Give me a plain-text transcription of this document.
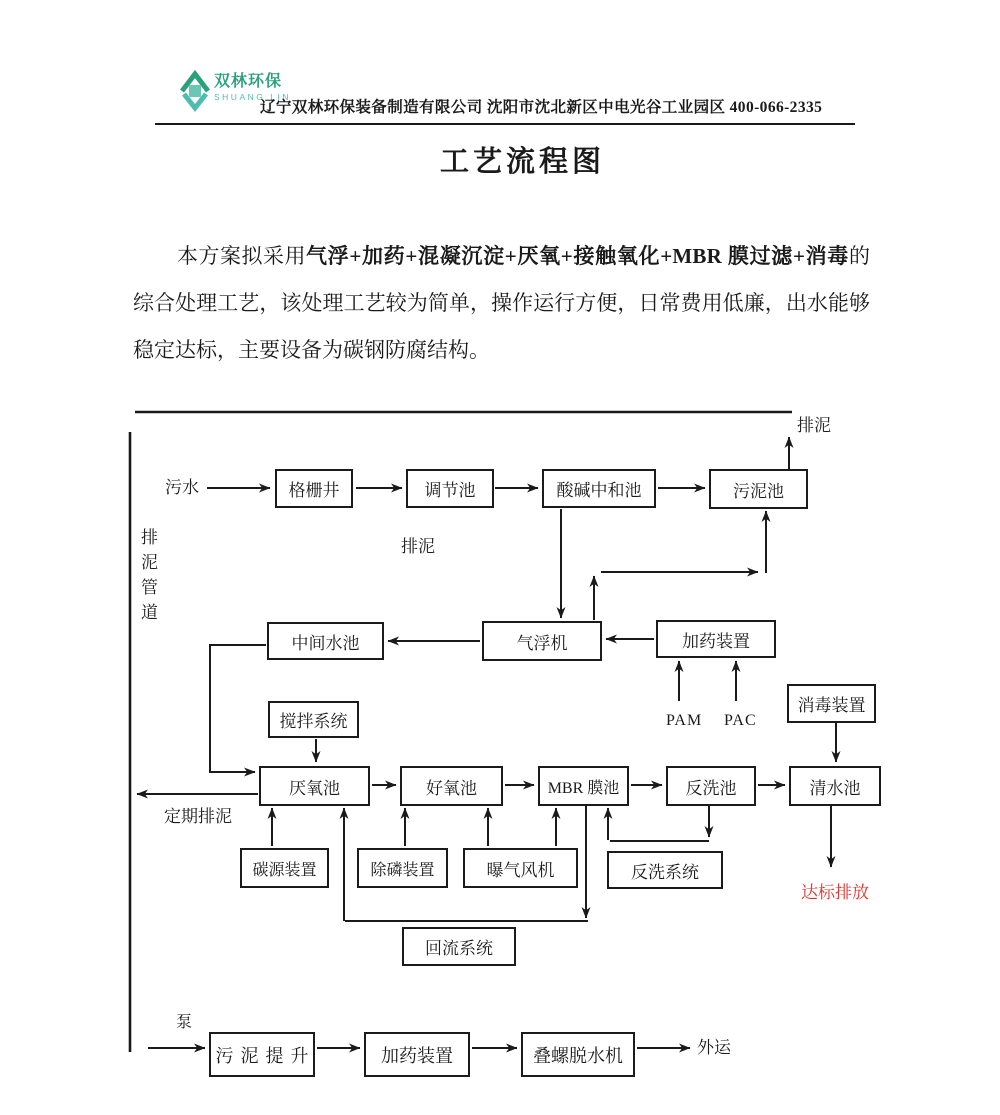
双林环保
SHUANG LIN
辽宁双林环保装备制造有限公司 沈阳市沈北新区中电光谷工业园区 400-066-2335
工艺流程图

本方案拟采用气浮+加药+混凝沉淀+厌氧+接触氧化+MBR 膜过滤+消毒的综合处理工艺，该处理工艺较为简单，操作运行方便，日常费用低廉，出水能够稳定达标，主要设备为碳钢防腐结构。

格栅井	调节池	酸碱中和池	污泥池
中间水池	气浮机	加药装置
消毒装置
搅拌系统
厌氧池	好氧池	MBR 膜池	反洗池	清水池
碳源装置	除磷装置	曝气风机	反洗系统
回流系统
污泥提升	加药装置	叠螺脱水机
污水
排泥
排泥管道
排泥
PAM PAC
定期排泥
达标排放
泵
外运
